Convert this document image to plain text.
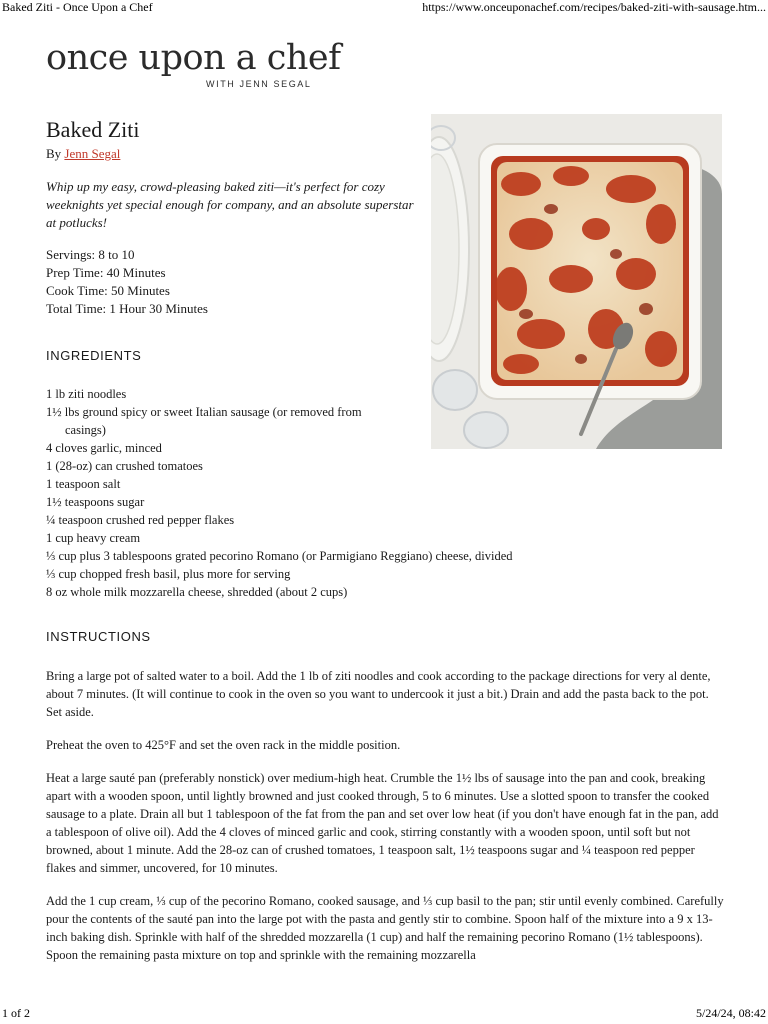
Baked Ziti - Once Upon a Chef	https://www.onceuponachef.com/recipes/baked-ziti-with-sausage.htm...
once upon a chef
WITH JENN SEGAL
Baked Ziti
By Jenn Segal

Whip up my easy, crowd-pleasing baked ziti—it's perfect for cozy weeknights yet special enough for company, and an absolute superstar at potlucks!

Servings: 8 to 10
Prep Time: 40 Minutes
Cook Time: 50 Minutes
Total Time: 1 Hour 30 Minutes
INGREDIENTS
1 lb ziti noodles
1½ lbs ground spicy or sweet Italian sausage (or removed from casings)
4 cloves garlic, minced
1 (28-oz) can crushed tomatoes
1 teaspoon salt
1½ teaspoons sugar
¼ teaspoon crushed red pepper flakes
1 cup heavy cream
⅓ cup plus 3 tablespoons grated pecorino Romano (or Parmigiano Reggiano) cheese, divided
⅓ cup chopped fresh basil, plus more for serving
8 oz whole milk mozzarella cheese, shredded (about 2 cups)
INSTRUCTIONS

Bring a large pot of salted water to a boil. Add the 1 lb of ziti noodles and cook according to the package directions for very al dente, about 7 minutes. (It will continue to cook in the oven so you want to undercook it just a bit.) Drain and add the pasta back to the pot. Set aside.

Preheat the oven to 425°F and set the oven rack in the middle position.

Heat a large sauté pan (preferably nonstick) over medium-high heat. Crumble the 1½ lbs of sausage into the pan and cook, breaking apart with a wooden spoon, until lightly browned and just cooked through, 5 to 6 minutes. Use a slotted spoon to transfer the cooked sausage to a plate. Drain all but 1 tablespoon of the fat from the pan and set over low heat (if you don't have enough fat in the pan, add a tablespoon of olive oil). Add the 4 cloves of minced garlic and cook, stirring constantly with a wooden spoon, until soft but not browned, about 1 minute. Add the 28-oz can of crushed tomatoes, 1 teaspoon salt, 1½ teaspoons sugar and ¼ teaspoon red pepper flakes and simmer, uncovered, for 10 minutes.

Add the 1 cup cream, ⅓ cup of the pecorino Romano, cooked sausage, and ⅓ cup basil to the pan; stir until evenly combined. Carefully pour the contents of the sauté pan into the large pot with the pasta and gently stir to combine. Spoon half of the mixture into a 9 x 13-inch baking dish. Sprinkle with half of the shredded mozzarella (1 cup) and half the remaining pecorino Romano (1½ tablespoons). Spoon the remaining pasta mixture on top and sprinkle with the remaining mozzarella

1 of 2	5/24/24, 08:42
